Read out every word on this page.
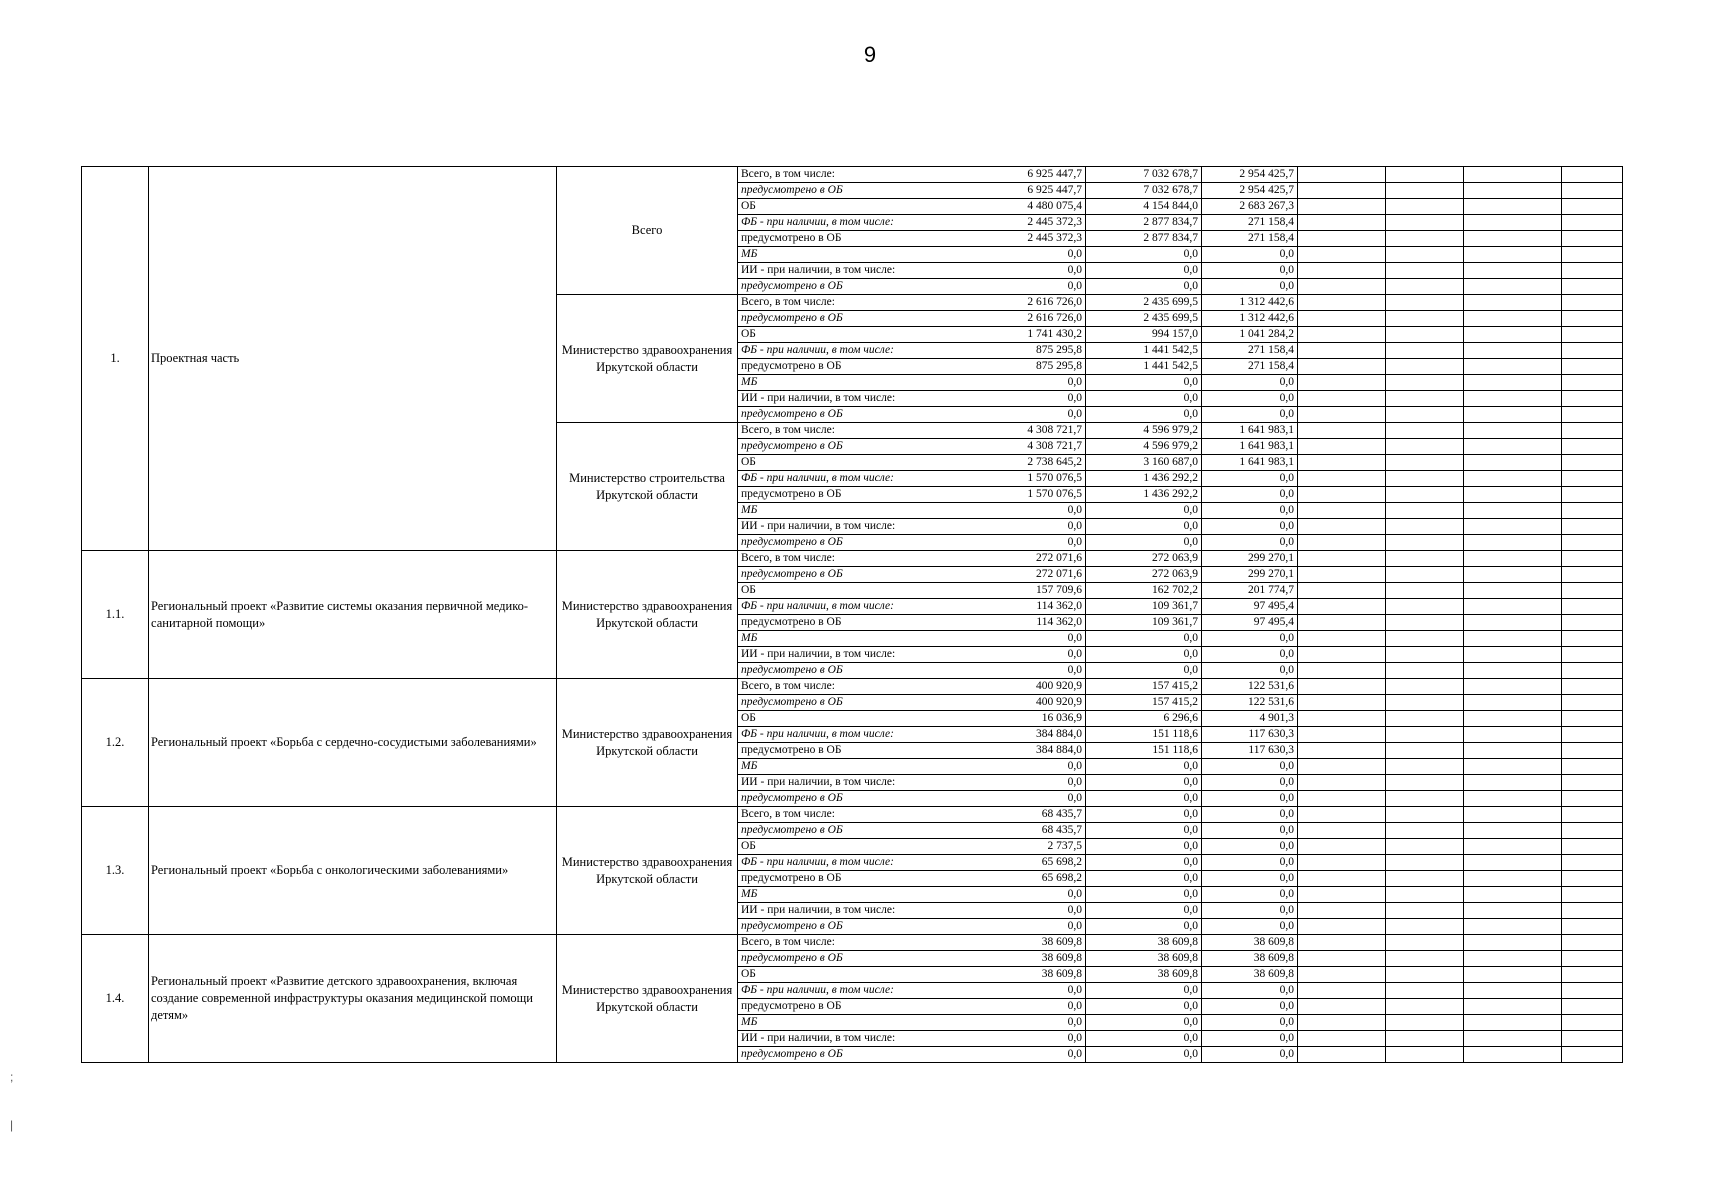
9
1.	Проектная часть	Всего	Всего, в том числе:	6 925 447,7	7 032 678,7	2 954 425,7				
			предусмотрено в ОБ	6 925 447,7	7 032 678,7	2 954 425,7				
			ОБ	4 480 075,4	4 154 844,0	2 683 267,3				
			ФБ - при наличии, в том числе:	2 445 372,3	2 877 834,7	271 158,4				
			предусмотрено в ОБ	2 445 372,3	2 877 834,7	271 158,4				
			МБ	0,0	0,0	0,0				
			ИИ - при наличии, в том числе:	0,0	0,0	0,0				
			предусмотрено в ОБ	0,0	0,0	0,0				
		Министерство здравоохранения Иркутской области	Всего, в том числе:	2 616 726,0	2 435 699,5	1 312 442,6				
			предусмотрено в ОБ	2 616 726,0	2 435 699,5	1 312 442,6				
			ОБ	1 741 430,2	994 157,0	1 041 284,2				
			ФБ - при наличии, в том числе:	875 295,8	1 441 542,5	271 158,4				
			предусмотрено в ОБ	875 295,8	1 441 542,5	271 158,4				
			МБ	0,0	0,0	0,0				
			ИИ - при наличии, в том числе:	0,0	0,0	0,0				
			предусмотрено в ОБ	0,0	0,0	0,0				
		Министерство строительства Иркутской области	Всего, в том числе:	4 308 721,7	4 596 979,2	1 641 983,1				
			предусмотрено в ОБ	4 308 721,7	4 596 979,2	1 641 983,1				
			ОБ	2 738 645,2	3 160 687,0	1 641 983,1				
			ФБ - при наличии, в том числе:	1 570 076,5	1 436 292,2	0,0				
			предусмотрено в ОБ	1 570 076,5	1 436 292,2	0,0				
			МБ	0,0	0,0	0,0				
			ИИ - при наличии, в том числе:	0,0	0,0	0,0				
			предусмотрено в ОБ	0,0	0,0	0,0				
1.1.	Региональный проект «Развитие системы оказания первичной медико-санитарной помощи»	Министерство здравоохранения Иркутской области	Всего, в том числе:	272 071,6	272 063,9	299 270,1				
			предусмотрено в ОБ	272 071,6	272 063,9	299 270,1				
			ОБ	157 709,6	162 702,2	201 774,7				
			ФБ - при наличии, в том числе:	114 362,0	109 361,7	97 495,4				
			предусмотрено в ОБ	114 362,0	109 361,7	97 495,4				
			МБ	0,0	0,0	0,0				
			ИИ - при наличии, в том числе:	0,0	0,0	0,0				
			предусмотрено в ОБ	0,0	0,0	0,0				
1.2.	Региональный проект «Борьба с сердечно-сосудистыми заболеваниями»	Министерство здравоохранения Иркутской области	Всего, в том числе:	400 920,9	157 415,2	122 531,6				
			предусмотрено в ОБ	400 920,9	157 415,2	122 531,6				
			ОБ	16 036,9	6 296,6	4 901,3				
			ФБ - при наличии, в том числе:	384 884,0	151 118,6	117 630,3				
			предусмотрено в ОБ	384 884,0	151 118,6	117 630,3				
			МБ	0,0	0,0	0,0				
			ИИ - при наличии, в том числе:	0,0	0,0	0,0				
			предусмотрено в ОБ	0,0	0,0	0,0				
1.3.	Региональный проект «Борьба с онкологическими заболеваниями»	Министерство здравоохранения Иркутской области	Всего, в том числе:	68 435,7	0,0	0,0				
			предусмотрено в ОБ	68 435,7	0,0	0,0				
			ОБ	2 737,5	0,0	0,0				
			ФБ - при наличии, в том числе:	65 698,2	0,0	0,0				
			предусмотрено в ОБ	65 698,2	0,0	0,0				
			МБ	0,0	0,0	0,0				
			ИИ - при наличии, в том числе:	0,0	0,0	0,0				
			предусмотрено в ОБ	0,0	0,0	0,0				
1.4.	Региональный проект «Развитие детского здравоохранения, включая создание современной инфраструктуры оказания медицинской помощи детям»	Министерство здравоохранения Иркутской области	Всего, в том числе:	38 609,8	38 609,8	38 609,8				
			предусмотрено в ОБ	38 609,8	38 609,8	38 609,8				
			ОБ	38 609,8	38 609,8	38 609,8				
			ФБ - при наличии, в том числе:	0,0	0,0	0,0				
			предусмотрено в ОБ	0,0	0,0	0,0				
			МБ	0,0	0,0	0,0				
			ИИ - при наличии, в том числе:	0,0	0,0	0,0				
			предусмотрено в ОБ	0,0	0,0	0,0				
;
|
